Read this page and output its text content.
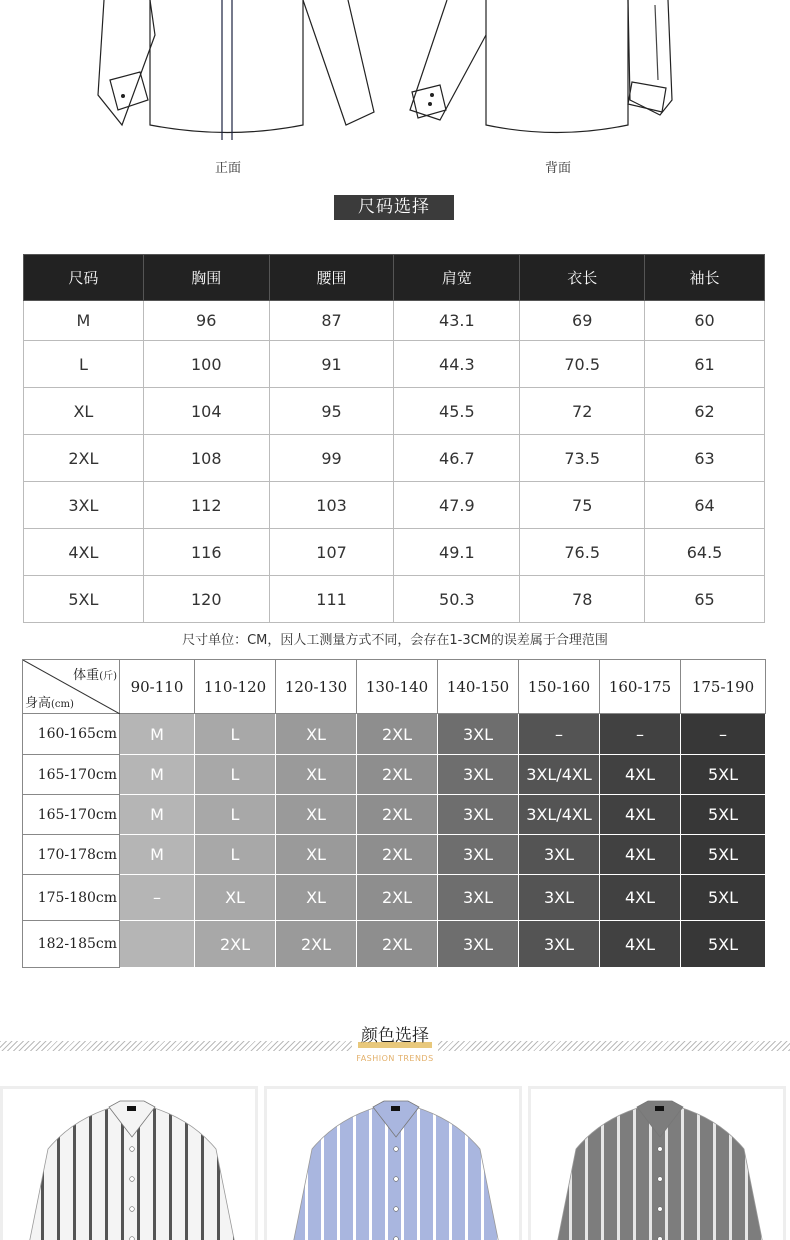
正面	背面
尺码选择
尺码	胸围	腰围	肩宽	衣长	袖长
M	96	87	43.1	69	60
L	100	91	44.3	70.5	61
XL	104	95	45.5	72	62
2XL	108	99	46.7	73.5	63
3XL	112	103	47.9	75	64
4XL	116	107	49.1	76.5	64.5
5XL	120	111	50.3	78	65
尺寸单位：CM，因人工测量方式不同，会存在1-3CM的误差属于合理范围
体重(斤)
身高(cm)	90-110	110-120	120-130	130-140	140-150	150-160	160-175	175-190
160-165cm	M	L	XL	2XL	3XL	–	–	–
165-170cm	M	L	XL	2XL	3XL	3XL/4XL	4XL	5XL
165-170cm	M	L	XL	2XL	3XL	3XL/4XL	4XL	5XL
170-178cm	M	L	XL	2XL	3XL	3XL	4XL	5XL
175-180cm	–	XL	XL	2XL	3XL	3XL	4XL	5XL
182-185cm		2XL	2XL	2XL	3XL	3XL	4XL	5XL
颜色选择
FASHION TRENDS
